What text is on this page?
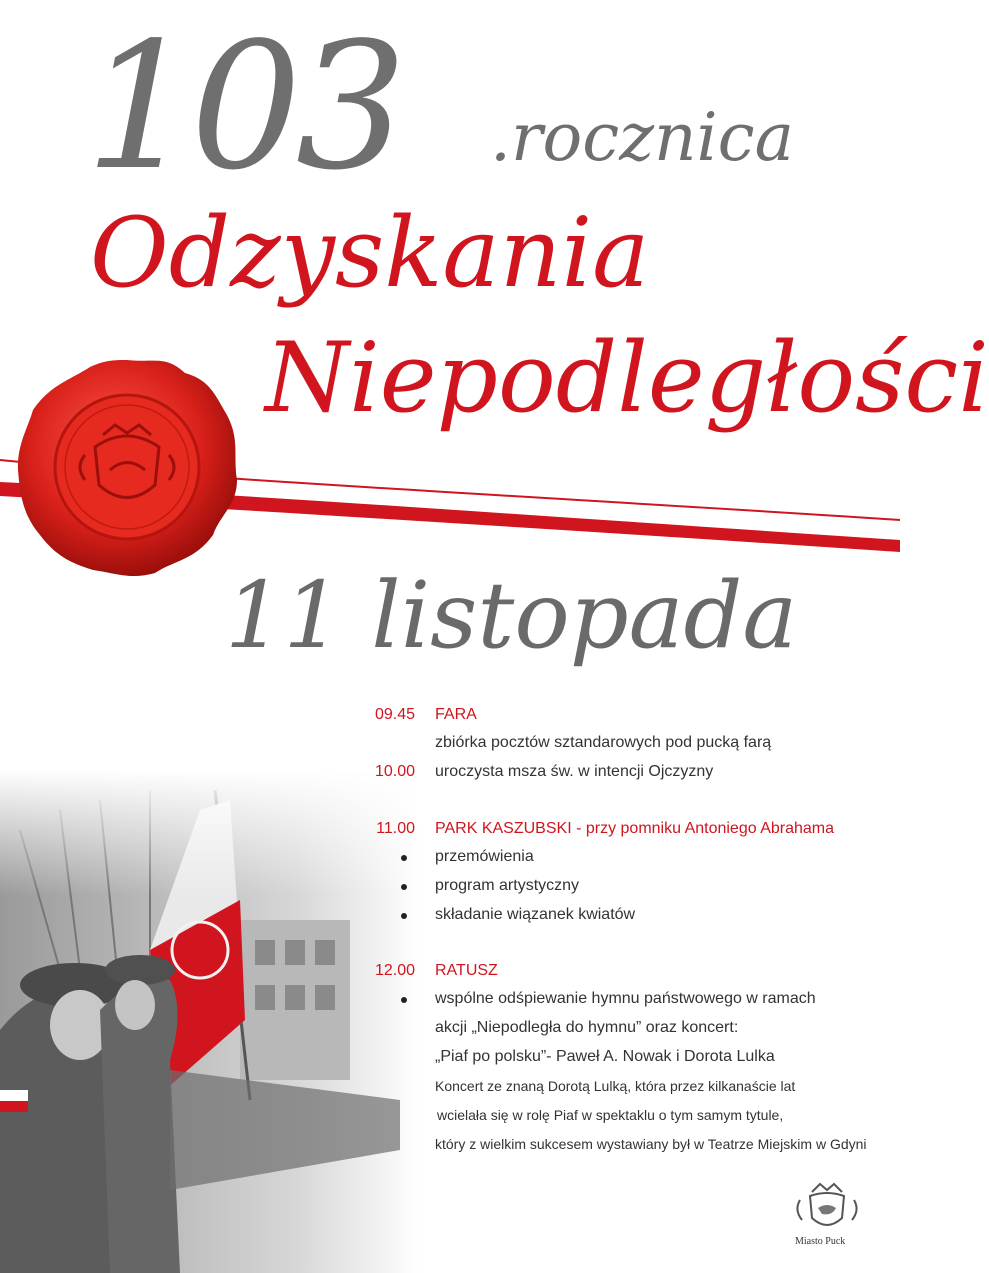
103 .rocznica
Odzyskania
Niepodległości
11 listopada
09.45 FARA
zbiórka pocztów sztandarowych pod pucką farą
10.00 uroczysta msza św. w intencji Ojczyzny
11.00 PARK KASZUBSKI - przy pomniku Antoniego Abrahama
przemówienia
program artystyczny
składanie wiązanek kwiatów
12.00 RATUSZ
wspólne odśpiewanie hymnu państwowego w ramach
akcji „Niepodległa do hymnu” oraz koncert:
„Piaf po polsku”- Paweł A. Nowak i Dorota Lulka
Koncert ze znaną Dorotą Lulką, która przez kilkanaście lat
wcielała się w rolę Piaf w spektaklu o tym samym tytule,
który z wielkim sukcesem wystawiany był w Teatrze Miejskim w Gdyni
Miasto Puck
